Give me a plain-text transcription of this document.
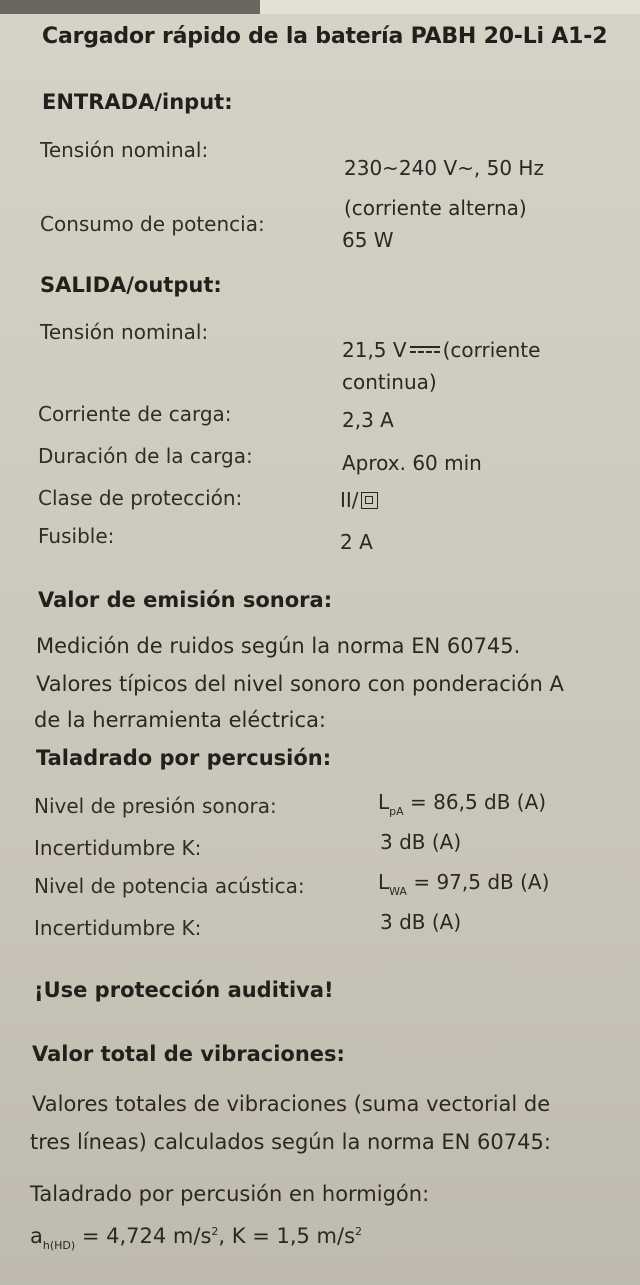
Cargador rápido de la batería PABH 20-Li A1-2
ENTRADA/input:
Tensión nominal:
230~240 V~, 50 Hz
(corriente alterna)
Consumo de potencia:
65 W
SALIDA/output:
Tensión nominal:
21,5 V (corriente
continua)
Corriente de carga:	2,3 A
Duración de la carga:	Aprox. 60 min
Clase de protección:	II/
Fusible:	2 A
Valor de emisión sonora:
Medición de ruidos según la norma EN 60745.
Valores típicos del nivel sonoro con ponderación A
de la herramienta eléctrica:
Taladrado por percusión:
Nivel de presión sonora:	$L_{pA} = 86,5$ dB (A)
Incertidumbre K:	3 dB (A)
Nivel de potencia acústica:	$L_{WA} = 97,5$ dB (A)
Incertidumbre K:	3 dB (A)
¡Use protección auditiva!
Valor total de vibraciones:
Valores totales de vibraciones (suma vectorial de
tres líneas) calculados según la norma EN 60745:
Taladrado por percusión en hormigón:
$a_{h(HD)} = 4,724$ $m/s^2$, K = 1,5 $m/s^2$
